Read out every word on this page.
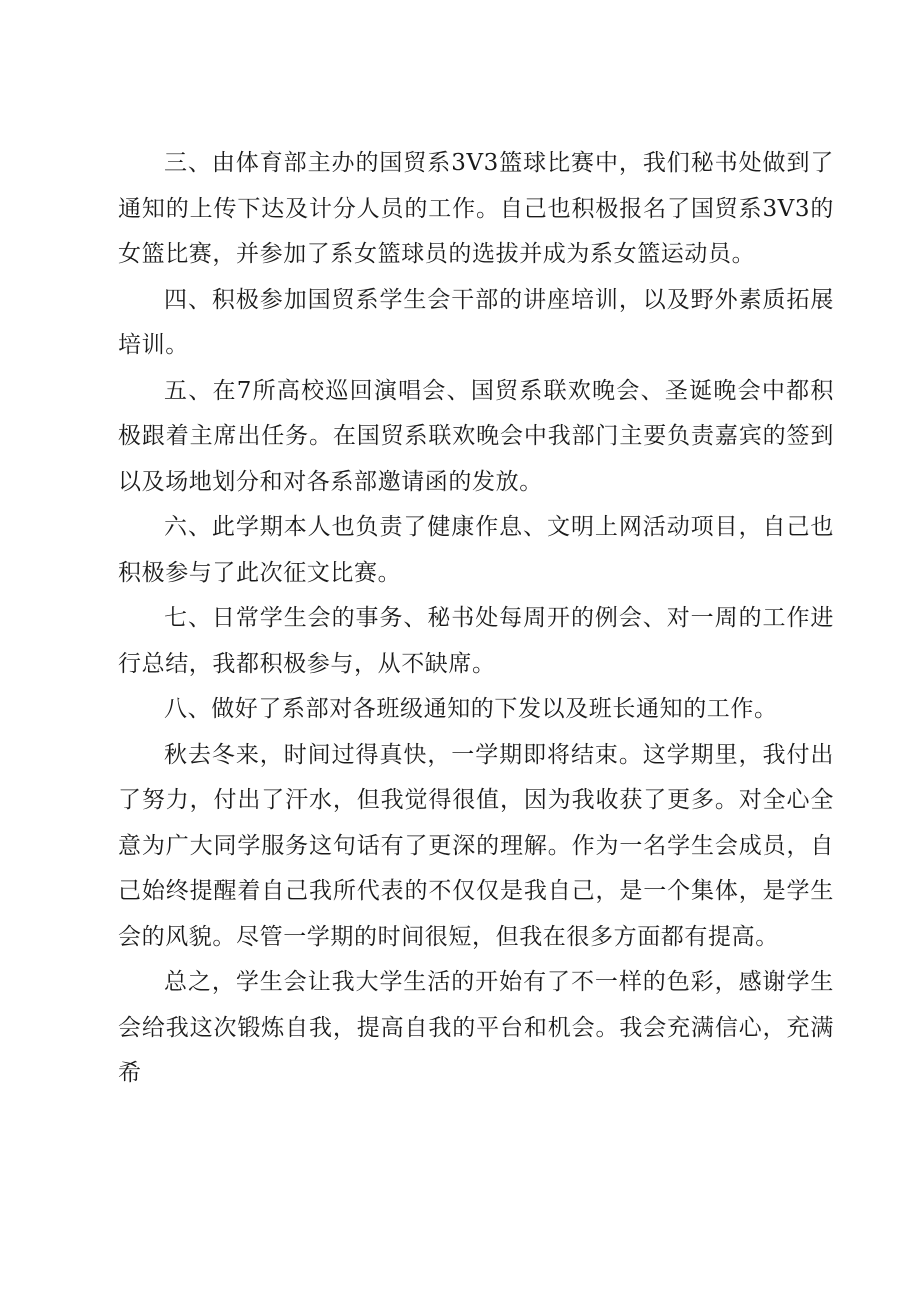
三、由体育部主办的国贸系3V3篮球比赛中，我们秘书处做到了通知的上传下达及计分人员的工作。自己也积极报名了国贸系3V3的女篮比赛，并参加了系女篮球员的选拔并成为系女篮运动员。

四、积极参加国贸系学生会干部的讲座培训，以及野外素质拓展培训。

五、在7所高校巡回演唱会、国贸系联欢晚会、圣诞晚会中都积极跟着主席出任务。在国贸系联欢晚会中我部门主要负责嘉宾的签到以及场地划分和对各系部邀请函的发放。

六、此学期本人也负责了健康作息、文明上网活动项目，自己也积极参与了此次征文比赛。

七、日常学生会的事务、秘书处每周开的例会、对一周的工作进行总结，我都积极参与，从不缺席。

八、做好了系部对各班级通知的下发以及班长通知的工作。

秋去冬来，时间过得真快，一学期即将结束。这学期里，我付出了努力，付出了汗水，但我觉得很值，因为我收获了更多。对全心全意为广大同学服务这句话有了更深的理解。作为一名学生会成员，自己始终提醒着自己我所代表的不仅仅是我自己，是一个集体，是学生会的风貌。尽管一学期的时间很短，但我在很多方面都有提高。

总之，学生会让我大学生活的开始有了不一样的色彩，感谢学生会给我这次锻炼自我，提高自我的平台和机会。我会充满信心，充满希
